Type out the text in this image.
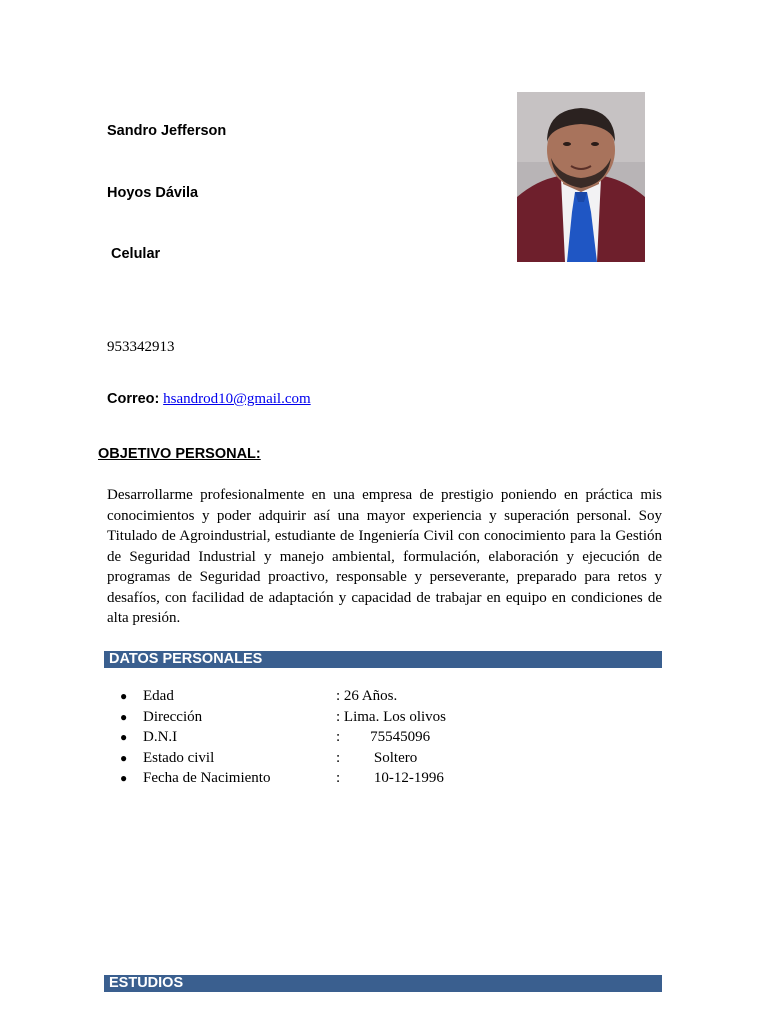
Sandro Jefferson
Hoyos Dávila
Celular
953342913
Correo: hsandrod10@gmail.com
OBJETIVO PERSONAL:
Desarrollarme profesionalmente en una empresa de prestigio poniendo en práctica mis conocimientos y poder adquirir así una mayor experiencia y superación personal. Soy Titulado de Agroindustrial, estudiante de Ingeniería Civil con conocimiento para la Gestión de Seguridad Industrial y manejo ambiental, formulación, elaboración y ejecución de programas de Seguridad proactivo, responsable y perseverante, preparado para retos y desafíos, con facilidad de adaptación y capacidad de trabajar en equipo en condiciones de alta presión.
DATOS PERSONALES
● Edad	: 26 Años.
● Dirección	: Lima. Los olivos
● D.N.I	:        75545096
● Estado civil	:         Soltero
● Fecha de Nacimiento	:         10-12-1996
ESTUDIOS
